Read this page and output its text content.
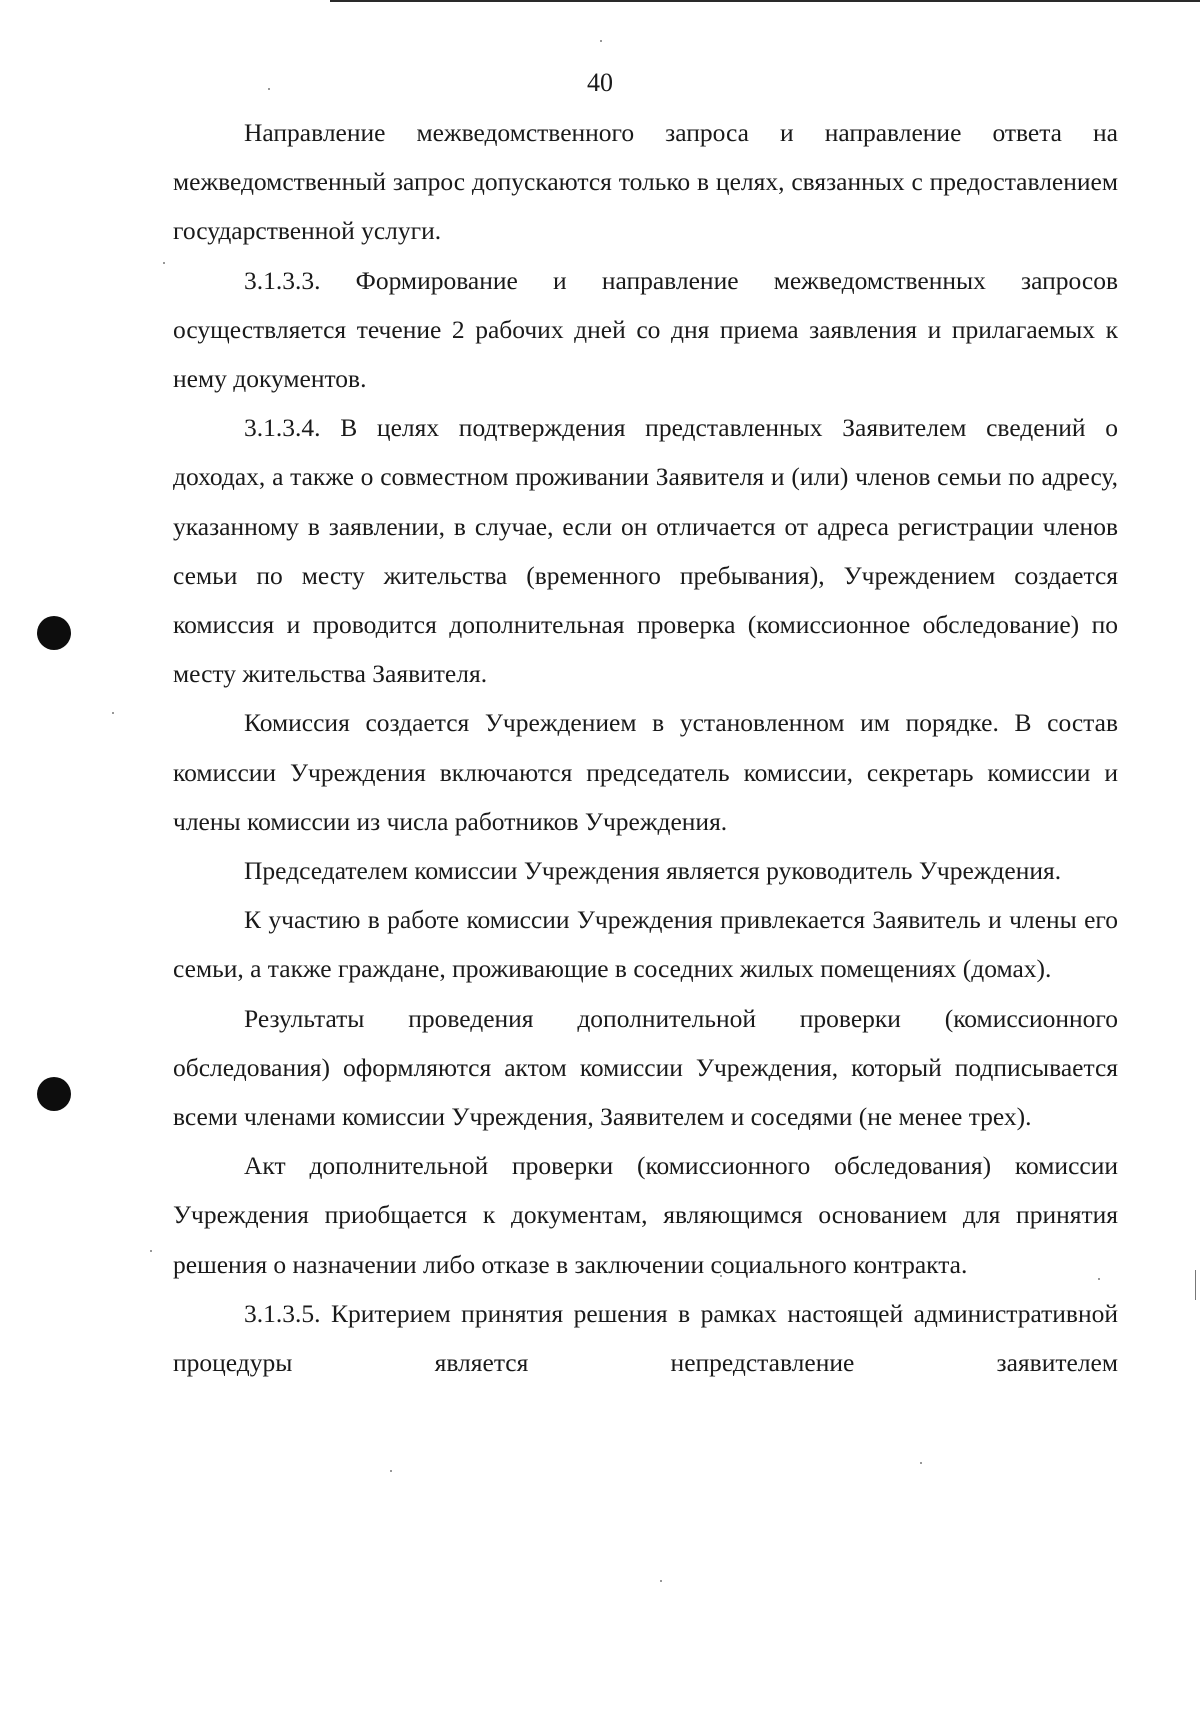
40

Направление межведомственного запроса и направление ответа на межведомственный запрос допускаются только в целях, связанных с предоставлением государственной услуги.

3.1.3.3. Формирование и направление межведомственных запросов осуществляется течение 2 рабочих дней со дня приема заявления и прилагаемых к нему документов.

3.1.3.4. В целях подтверждения представленных Заявителем сведений о доходах, а также о совместном проживании Заявителя и (или) членов семьи по адресу, указанному в заявлении, в случае, если он отличается от адреса регистрации членов семьи по месту жительства (временного пребывания), Учреждением создается комиссия и проводится дополнительная проверка (комиссионное обследование) по месту жительства Заявителя.

Комиссия создается Учреждением в установленном им порядке. В состав комиссии Учреждения включаются председатель комиссии, секретарь комиссии и члены комиссии из числа работников Учреждения.

Председателем комиссии Учреждения является руководитель Учреждения.

К участию в работе комиссии Учреждения привлекается Заявитель и члены его семьи, а также граждане, проживающие в соседних жилых помещениях (домах).

Результаты проведения дополнительной проверки (комиссионного обследования) оформляются актом комиссии Учреждения, который подписывается всеми членами комиссии Учреждения, Заявителем и соседями (не менее трех).

Акт дополнительной проверки (комиссионного обследования) комиссии Учреждения приобщается к документам, являющимся основанием для принятия решения о назначении либо отказе в заключении социального контракта.

3.1.3.5. Критерием принятия решения в рамках настоящей административной процедуры является непредставление заявителем
